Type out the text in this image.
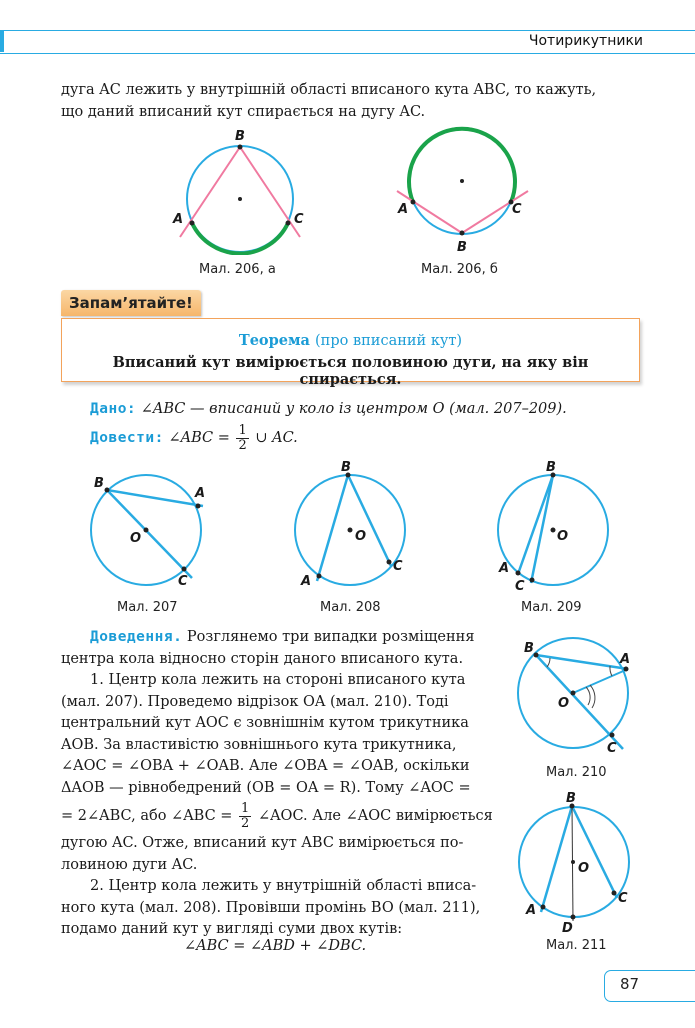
Чотирикутники
дуга AC лежить у внутрішній області вписаного кута ABC, то кажуть,
що даний вписаний кут спирається на дугу AC.
B
A	C
Мал. 206, а
A	C
B
Мал. 206, б
Запам’ятайте!
Теорема (про вписаний кут)
Вписаний кут вимірюється половиною дуги, на яку він спирається.
Дано: ∠ABC — вписаний у коло із центром O (мал. 207–209).
Довести: ∠ABC = $\frac{1}{2}$ ∪ AC.
B
A
O
C
Мал. 207
B
O
A
C
Мал. 208
B
O
A
C
Мал. 209
Доведення. Розглянемо три випадки розміщення
центра кола відносно сторін даного вписаного кута.
1. Центр кола лежить на стороні вписаного кута
(мал. 207). Проведемо відрізок OA (мал. 210). Тоді
центральний кут AOC є зовнішнім кутом трикутника
AOB. За властивістю зовнішнього кута трикутника,
∠AOC = ∠OBA + ∠OAB. Але ∠OBA = ∠OAB, оскільки
ΔAOB — рівнобедрений (OB = OA = R). Тому ∠AOC =
= 2∠ABC, або ∠ABC = $\frac{1}{2}$ ∠AOC. Але ∠AOC вимірюється
дугою AC. Отже, вписаний кут ABC вимірюється по-
ловиною дуги AC.
2. Центр кола лежить у внутрішній області вписа-
ного кута (мал. 208). Провівши промінь BO (мал. 211),
подамо даний кут у вигляді суми двох кутів:
∠ABC = ∠ABD + ∠DBC.
B
A
O
C
Мал. 210
B
O
A
C
D
Мал. 211
87
